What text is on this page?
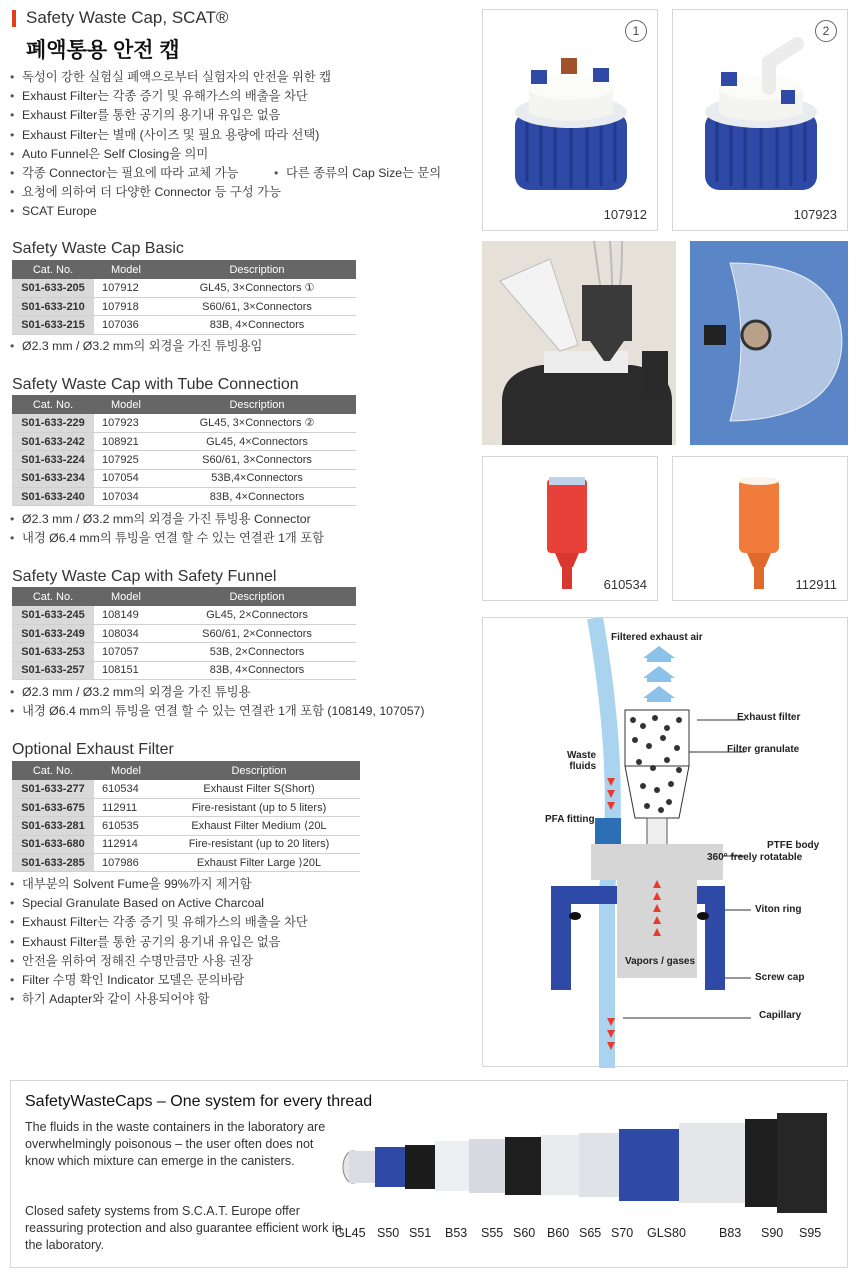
Safety Waste Cap, SCAT®
폐액통용 안전 캡
• 독성이 강한 실험실 폐액으로부터 실험자의 안전을 위한 캡
• Exhaust Filter는 각종 증기 및 유해가스의 배출을 차단
• Exhaust Filter를 통한 공기의 용기내 유입은 없음
• Exhaust Filter는 별매 (사이즈 및 필요 용량에 따라 선택)
• Auto Funnel은 Self Closing을 의미
• 각종 Connector는 필요에 따라 교체 가능	• 다른 종류의 Cap Size는 문의
• 요청에 의하여 더 다양한 Connector 등 구성 가능
• SCAT Europe
Safety Waste Cap Basic
Cat. No.	Model	Description
S01-633-205	107912	GL45, 3×Connectors ①
S01-633-210	107918	S60/61, 3×Connectors
S01-633-215	107036	83B, 4×Connectors
• Ø2.3 mm / Ø3.2 mm의 외경을 가진 튜빙용임
Safety Waste Cap with Tube Connection
Cat. No.	Model	Description
S01-633-229	107923	GL45, 3×Connectors ②
S01-633-242	108921	GL45, 4×Connectors
S01-633-224	107925	S60/61, 3×Connectors
S01-633-234	107054	53B,4×Connectors
S01-633-240	107034	83B, 4×Connectors
• Ø2.3 mm / Ø3.2 mm의 외경을 가진 튜빙용 Connector
• 내경 Ø6.4 mm의 튜빙을 연결 할 수 있는 연결관 1개 포함
Safety Waste Cap with Safety Funnel
Cat. No.	Model	Description
S01-633-245	108149	GL45, 2×Connectors
S01-633-249	108034	S60/61, 2×Connectors
S01-633-253	107057	53B, 2×Connectors
S01-633-257	108151	83B, 4×Connectors
• Ø2.3 mm / Ø3.2 mm의 외경을 가진 튜빙용
• 내경 Ø6.4 mm의 튜빙을 연결 할 수 있는 연결관 1개 포함 (108149, 107057)
Optional Exhaust Filter
Cat. No.	Model	Description
S01-633-277	610534	Exhaust Filter S(Short)
S01-633-675	112911	Fire-resistant (up to 5 liters)
S01-633-281	610535	Exhaust Filter Medium ⟨20L
S01-633-680	112914	Fire-resistant (up to 20 liters)
S01-633-285	107986	Exhaust Filter Large ⟩20L
• 대부분의 Solvent Fume을 99%까지 제거함
• Special Granulate Based on Active Charcoal
• Exhaust Filter는 각종 증기 및 유해가스의 배출을 차단
• Exhaust Filter를 통한 공기의 용기내 유입은 없음
• 안전을 위하여 정해진 수명만큼만 사용 권장
• Filter 수명 확인 Indicator 모델은 문의바람
• 하기 Adapter와 같이 사용되어야 함
1
107912
2
107923
610534	112911
Filtered exhaust air
Exhaust filter
Filter granulate
Waste
fluids
PFA fitting
PTFE body
360° freely rotatable
Viton ring
Vapors / gases
Screw cap
Capillary
SafetyWasteCaps – One system for every thread
The fluids in the waste containers in the laboratory are overwhelmingly poisonous – the user often does not know which mixture can emerge in the canisters.
Closed safety systems from S.C.A.T. Europe offer reassuring protection and also guarantee efficient work in the laboratory.
GL45 S50 S51 B53 S55 S60 B60 S65 S70 GLS80	B83 S90 S95
